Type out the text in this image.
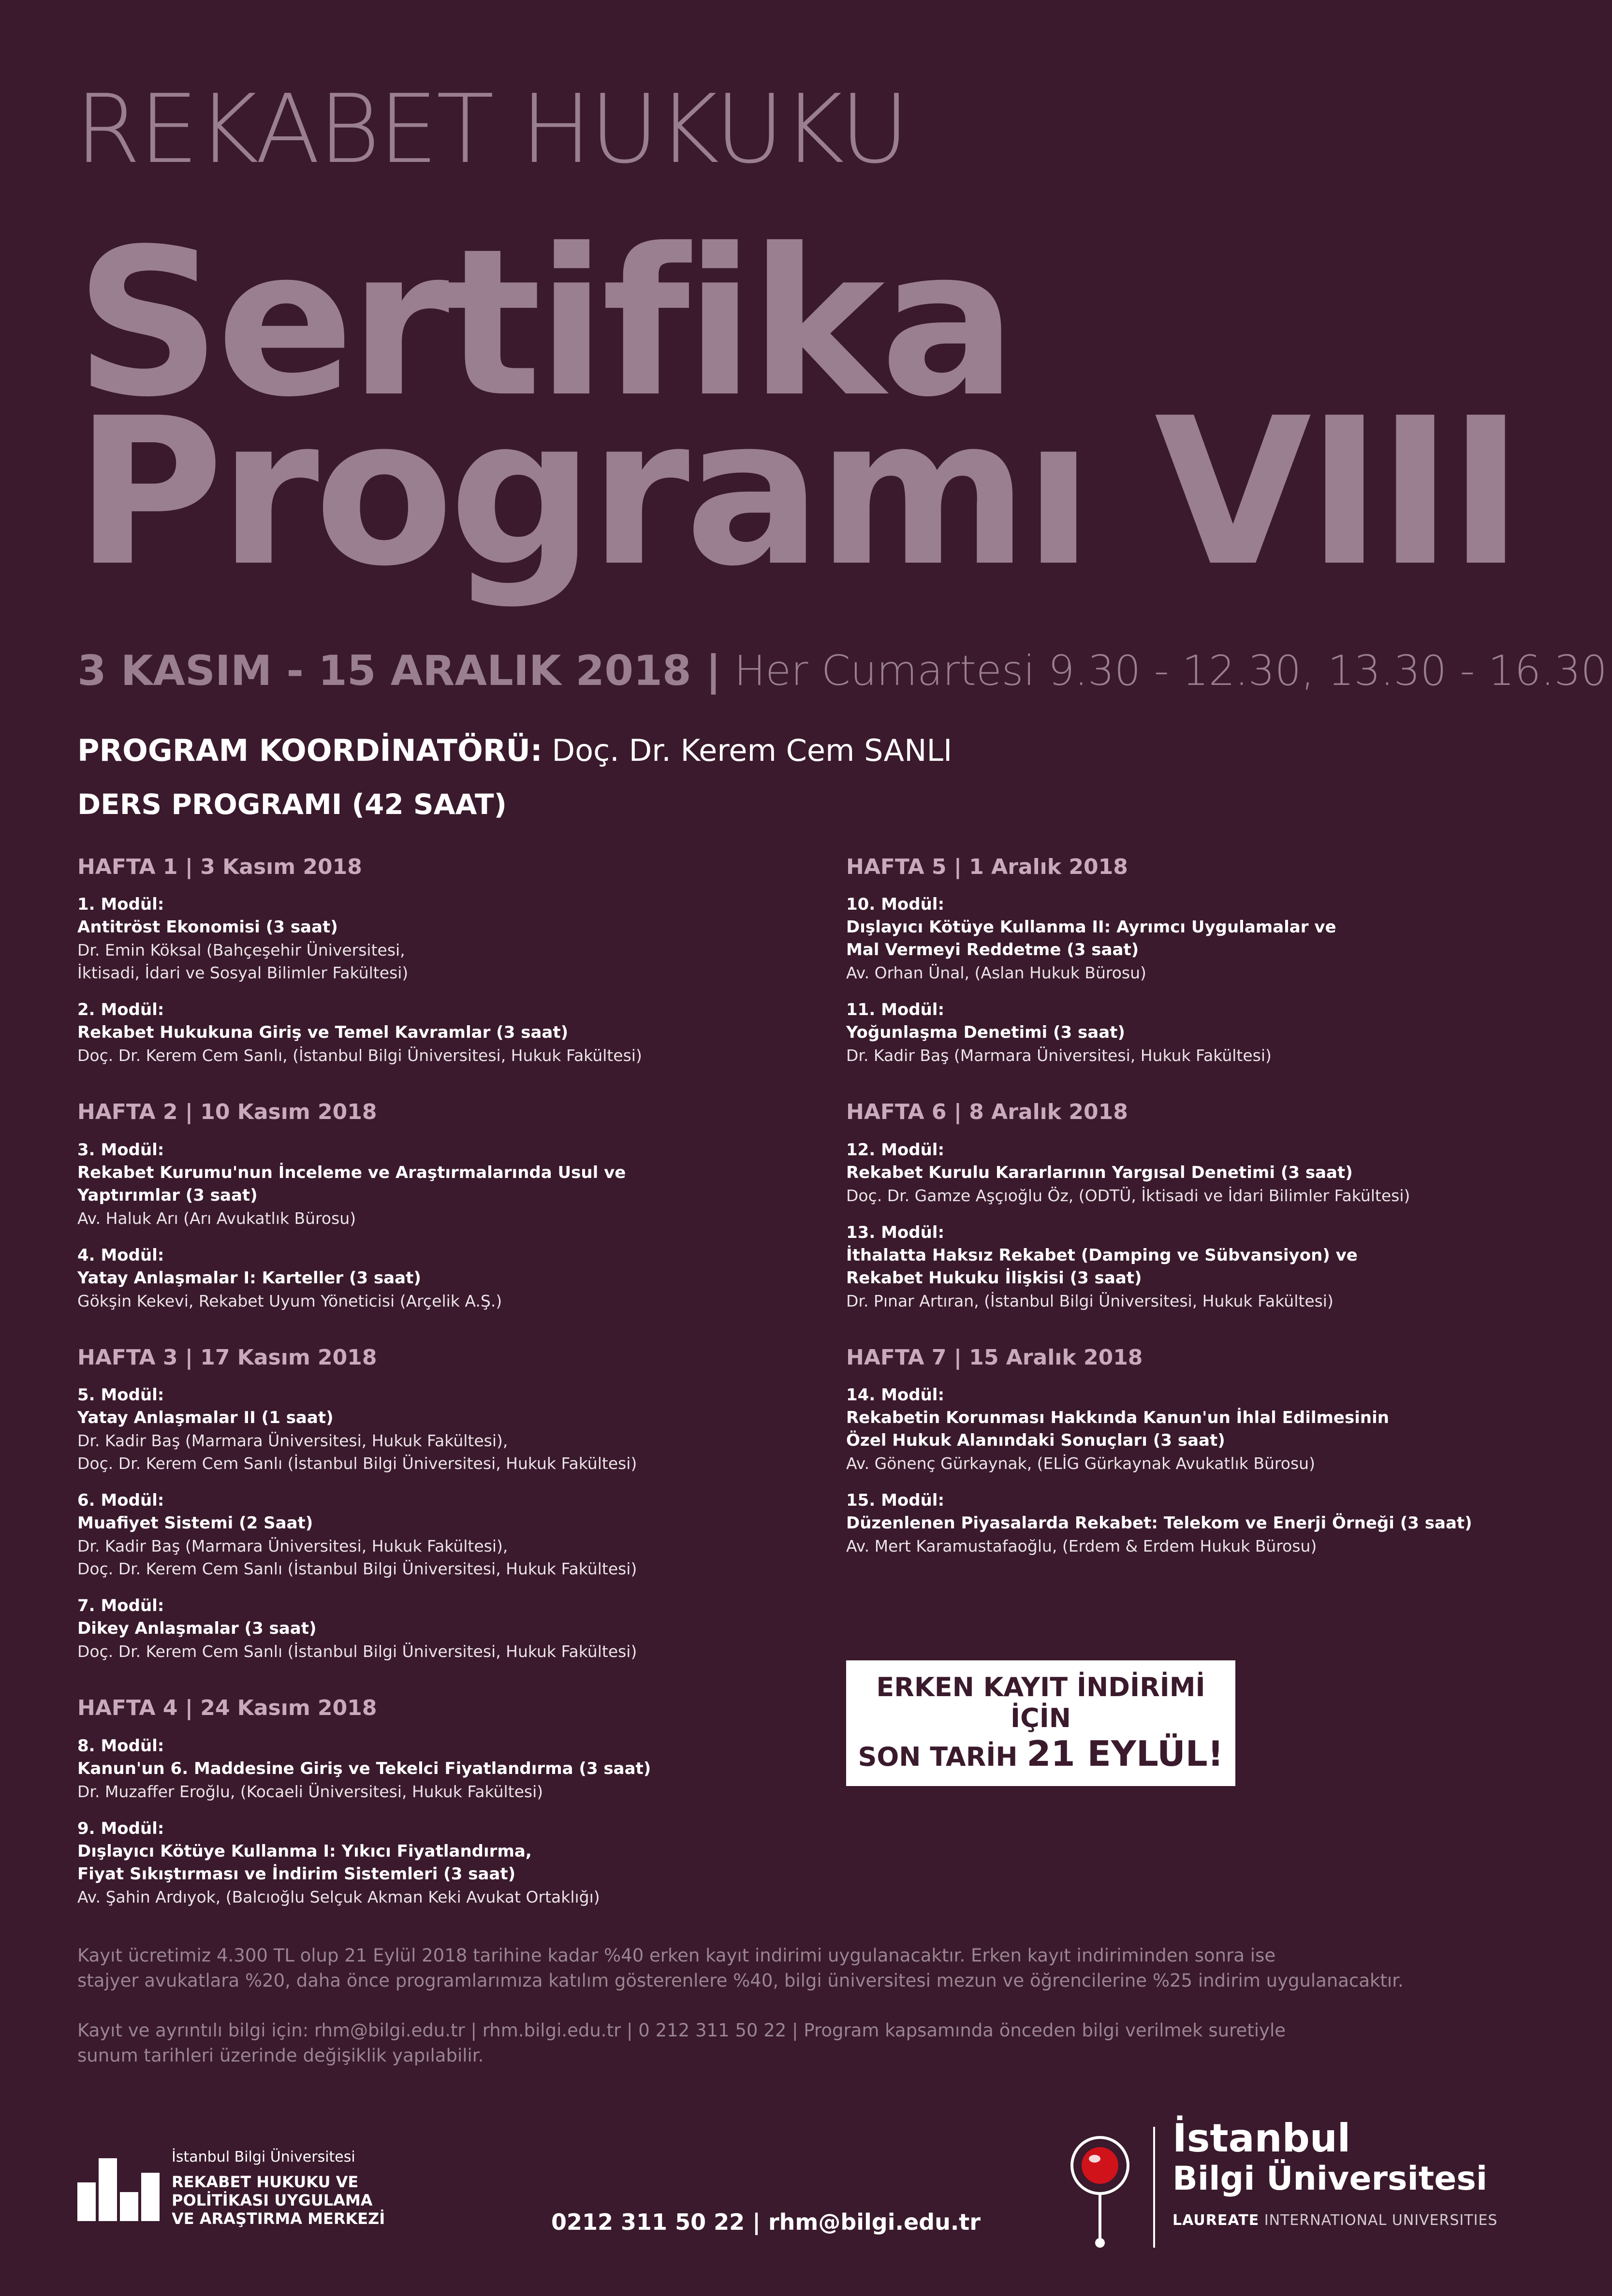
REKABET HUKUKU
Sertifika
Programı VIII
3 KASIM - 15 ARALIK 2018 | Her Cumartesi 9.30 - 12.30, 13.30 - 16.30
PROGRAM KOORDİNATÖRÜ: Doç. Dr. Kerem Cem SANLI
DERS PROGRAMI (42 SAAT)
HAFTA 1 | 3 Kasım 2018
1. Modül:
Antitröst Ekonomisi (3 saat)
Dr. Emin Köksal (Bahçeşehir Üniversitesi,
İktisadi, İdari ve Sosyal Bilimler Fakültesi)
2. Modül:
Rekabet Hukukuna Giriş ve Temel Kavramlar (3 saat)
Doç. Dr. Kerem Cem Sanlı, (İstanbul Bilgi Üniversitesi, Hukuk Fakültesi)
HAFTA 2 | 10 Kasım 2018
3. Modül:
Rekabet Kurumu'nun İnceleme ve Araştırmalarında Usul ve
Yaptırımlar (3 saat)
Av. Haluk Arı (Arı Avukatlık Bürosu)
4. Modül:
Yatay Anlaşmalar I: Karteller (3 saat)
Gökşin Kekevi, Rekabet Uyum Yöneticisi (Arçelik A.Ş.)
HAFTA 3 | 17 Kasım 2018
5. Modül:
Yatay Anlaşmalar II (1 saat)
Dr. Kadir Baş (Marmara Üniversitesi, Hukuk Fakültesi),
Doç. Dr. Kerem Cem Sanlı (İstanbul Bilgi Üniversitesi, Hukuk Fakültesi)
6. Modül:
Muafiyet Sistemi (2 Saat)
Dr. Kadir Baş (Marmara Üniversitesi, Hukuk Fakültesi),
Doç. Dr. Kerem Cem Sanlı (İstanbul Bilgi Üniversitesi, Hukuk Fakültesi)
7. Modül:
Dikey Anlaşmalar (3 saat)
Doç. Dr. Kerem Cem Sanlı (İstanbul Bilgi Üniversitesi, Hukuk Fakültesi)
HAFTA 4 | 24 Kasım 2018
8. Modül:
Kanun'un 6. Maddesine Giriş ve Tekelci Fiyatlandırma (3 saat)
Dr. Muzaffer Eroğlu, (Kocaeli Üniversitesi, Hukuk Fakültesi)
9. Modül:
Dışlayıcı Kötüye Kullanma I: Yıkıcı Fiyatlandırma,
Fiyat Sıkıştırması ve İndirim Sistemleri (3 saat)
Av. Şahin Ardıyok, (Balcıoğlu Selçuk Akman Keki Avukat Ortaklığı)
HAFTA 5 | 1 Aralık 2018
10. Modül:
Dışlayıcı Kötüye Kullanma II: Ayrımcı Uygulamalar ve
Mal Vermeyi Reddetme (3 saat)
Av. Orhan Ünal, (Aslan Hukuk Bürosu)
11. Modül:
Yoğunlaşma Denetimi (3 saat)
Dr. Kadir Baş (Marmara Üniversitesi, Hukuk Fakültesi)
HAFTA 6 | 8 Aralık 2018
12. Modül:
Rekabet Kurulu Kararlarının Yargısal Denetimi (3 saat)
Doç. Dr. Gamze Aşçıoğlu Öz, (ODTÜ, İktisadi ve İdari Bilimler Fakültesi)
13. Modül:
İthalatta Haksız Rekabet (Damping ve Sübvansiyon) ve
Rekabet Hukuku İlişkisi (3 saat)
Dr. Pınar Artıran, (İstanbul Bilgi Üniversitesi, Hukuk Fakültesi)
HAFTA 7 | 15 Aralık 2018
14. Modül:
Rekabetin Korunması Hakkında Kanun'un İhlal Edilmesinin
Özel Hukuk Alanındaki Sonuçları (3 saat)
Av. Gönenç Gürkaynak, (ELİG Gürkaynak Avukatlık Bürosu)
15. Modül:
Düzenlenen Piyasalarda Rekabet: Telekom ve Enerji Örneği (3 saat)
Av. Mert Karamustafaoğlu, (Erdem & Erdem Hukuk Bürosu)
ERKEN KAYIT İNDİRİMİ İÇİN
SON TARİH 21 EYLÜL!
Kayıt ücretimiz 4.300 TL olup 21 Eylül 2018 tarihine kadar %40 erken kayıt indirimi uygulanacaktır. Erken kayıt indiriminden sonra ise
stajyer avukatlara %20, daha önce programlarımıza katılım gösterenlere %40, bilgi üniversitesi mezun ve öğrencilerine %25 indirim uygulanacaktır.
Kayıt ve ayrıntılı bilgi için: rhm@bilgi.edu.tr | rhm.bilgi.edu.tr | 0 212 311 50 22 | Program kapsamında önceden bilgi verilmek suretiyle
sunum tarihleri üzerinde değişiklik yapılabilir.
İstanbul Bilgi Üniversitesi
REKABET HUKUKU VE
POLİTİKASI UYGULAMA
VE ARAŞTIRMA MERKEZİ	0212 311 50 22 | rhm@bilgi.edu.tr
İstanbul
Bilgi Üniversitesi
LAUREATE INTERNATIONAL UNIVERSITIES
